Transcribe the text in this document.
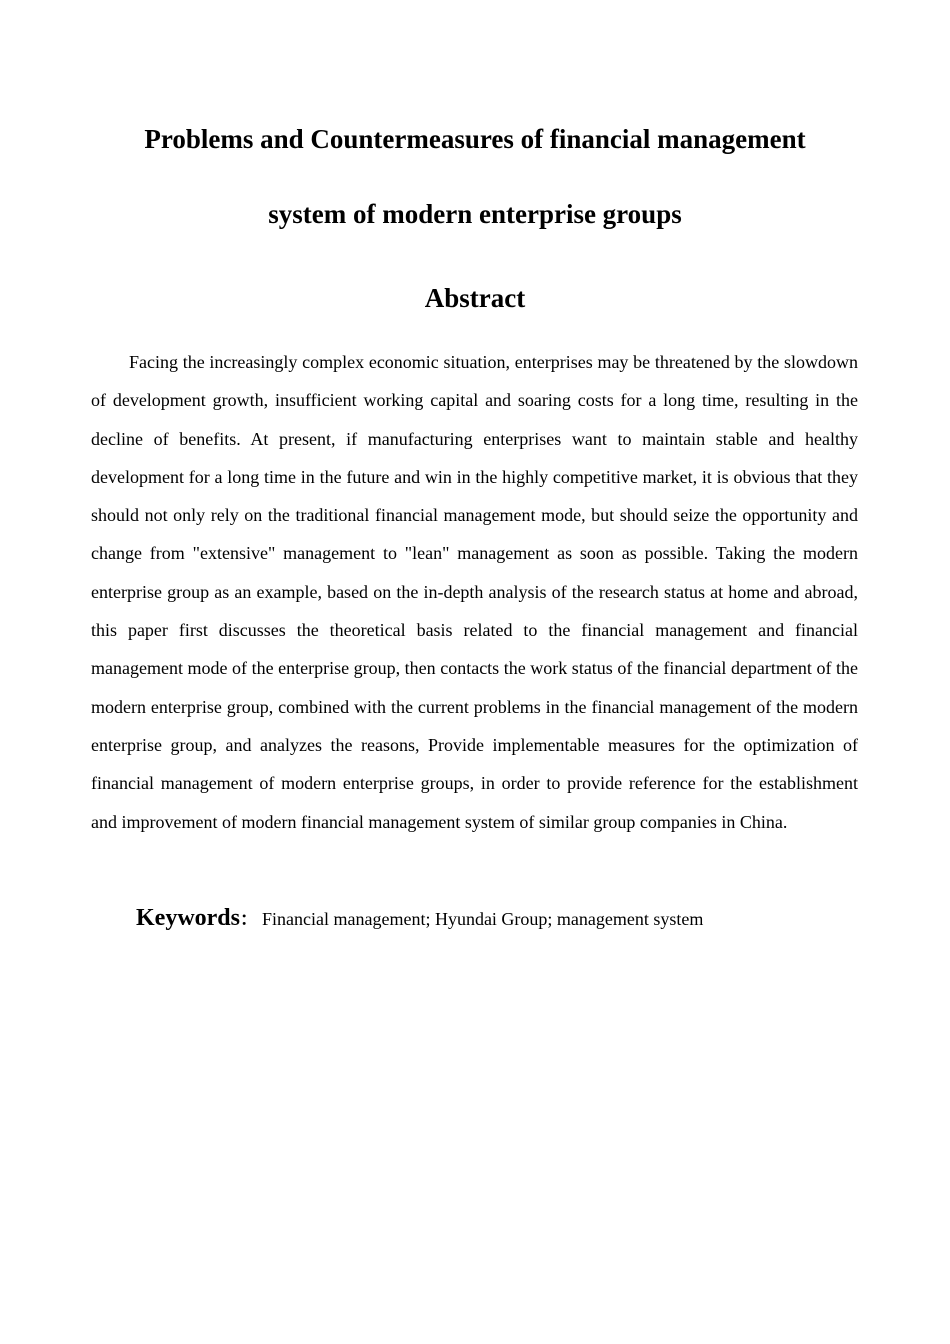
Problems and Countermeasures of financial management
system of modern enterprise groups
Abstract

Facing the increasingly complex economic situation, enterprises may be threatened by the slowdown of development growth, insufficient working capital and soaring costs for a long time, resulting in the decline of benefits. At present, if manufacturing enterprises want to maintain stable and healthy development for a long time in the future and win in the highly competitive market, it is obvious that they should not only rely on the traditional financial management mode, but should seize the opportunity and change from "extensive" management to "lean" management as soon as possible. Taking the modern enterprise group as an example, based on the in-depth analysis of the research status at home and abroad, this paper first discusses the theoretical basis related to the financial management and financial management mode of the enterprise group, then contacts the work status of the financial department of the modern enterprise group, combined with the current problems in the financial management of the modern enterprise group, and analyzes the reasons, Provide implementable measures for the optimization of financial management of modern enterprise groups, in order to provide reference for the establishment and improvement of modern financial management system of similar group companies in China.

Keywords： Financial management; Hyundai Group; management system
